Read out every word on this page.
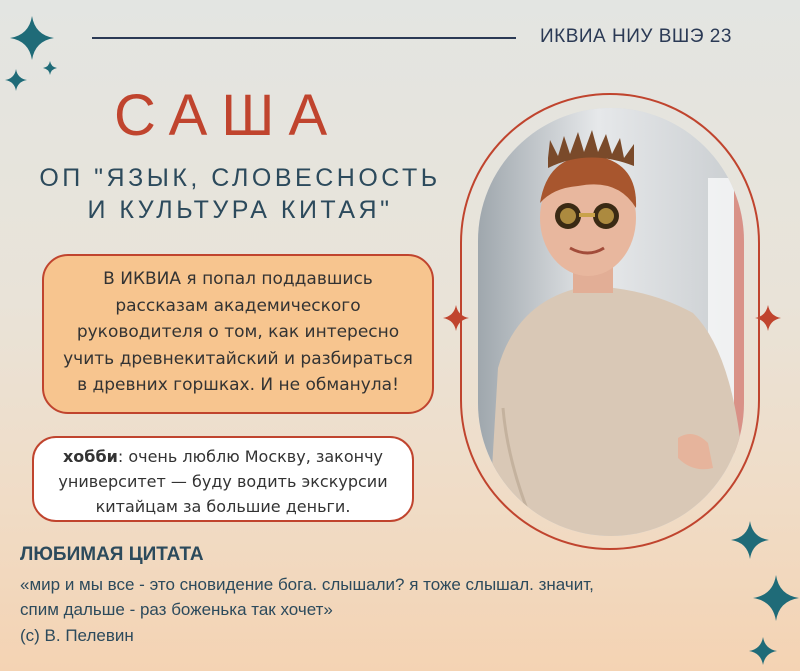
ИКВИА НИУ ВШЭ 23
САША
ОП "ЯЗЫК, СЛОВЕСНОСТЬ
И КУЛЬТУРА КИТАЯ"
В ИКВИА я попал поддавшись
рассказам академического
руководителя о том, как интересно
учить древнекитайский и разбираться
в древних горшках. И не обманула!
хобби: очень люблю Москву, закончу
университет — буду водить экскурсии
китайцам за большие деньги.
ЛЮБИМАЯ ЦИТАТА
«мир и мы все - это сновидение бога. слышали? я тоже слышал. значит,
спим дальше - раз боженька так хочет»
(с) В. Пелевин
